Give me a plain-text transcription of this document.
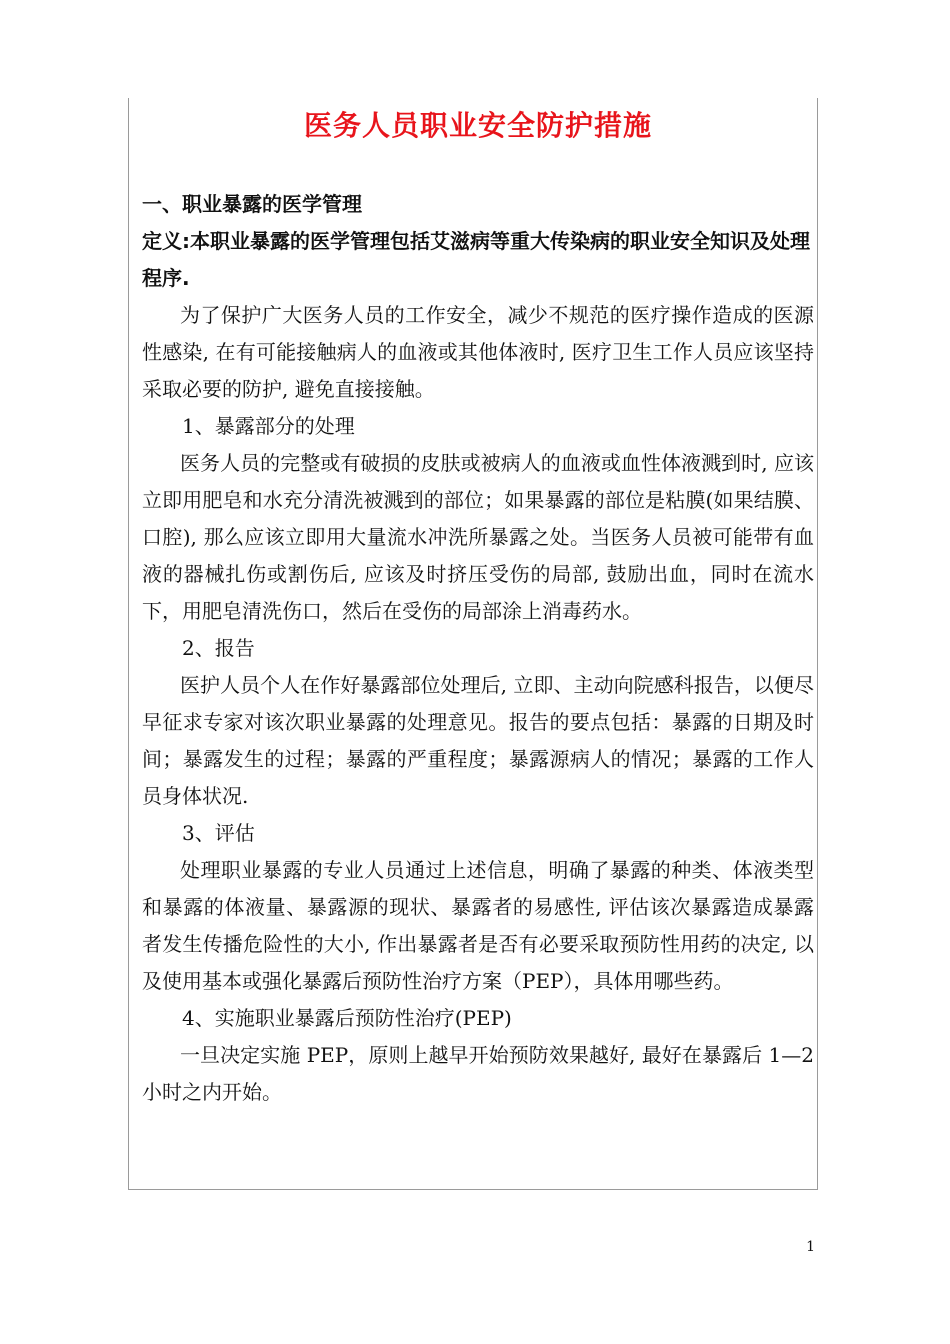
医务人员职业安全防护措施

一、职业暴露的医学管理

定义:本职业暴露的医学管理包括艾滋病等重大传染病的职业安全知识及处理程序.

为了保护广大医务人员的工作安全，减少不规范的医疗操作造成的医源性感染, 在有可能接触病人的血液或其他体液时, 医疗卫生工作人员应该坚持采取必要的防护, 避免直接接触。

1、暴露部分的处理

医务人员的完整或有破损的皮肤或被病人的血液或血性体液溅到时, 应该立即用肥皂和水充分清洗被溅到的部位；如果暴露的部位是粘膜(如果结膜、口腔), 那么应该立即用大量流水冲洗所暴露之处。当医务人员被可能带有血液的器械扎伤或割伤后, 应该及时挤压受伤的局部, 鼓励出血，同时在流水下，用肥皂清洗伤口，然后在受伤的局部涂上消毒药水。

2、报告

医护人员个人在作好暴露部位处理后, 立即、主动向院感科报告，以便尽早征求专家对该次职业暴露的处理意见。报告的要点包括：暴露的日期及时间；暴露发生的过程；暴露的严重程度；暴露源病人的情况；暴露的工作人员身体状况.

3、评估

处理职业暴露的专业人员通过上述信息，明确了暴露的种类、体液类型和暴露的体液量、暴露源的现状、暴露者的易感性, 评估该次暴露造成暴露者发生传播危险性的大小, 作出暴露者是否有必要采取预防性用药的决定, 以及使用基本或强化暴露后预防性治疗方案（PEP），具体用哪些药。

4、实施职业暴露后预防性治疗(PEP)

一旦决定实施 PEP，原则上越早开始预防效果越好, 最好在暴露后 1—2 小时之内开始。

1
